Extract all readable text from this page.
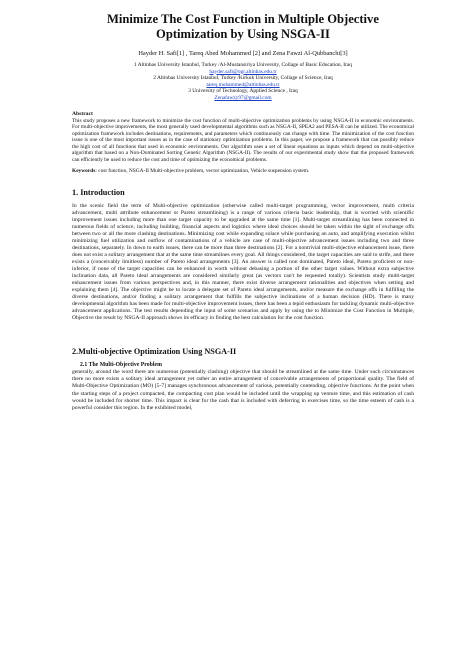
Minimize The Cost Function in Multiple Objective Optimization by Using NSGA-II
Hayder H. Safi[1] , Tareq Abed Mohammed [2] and Zena Fawzi Al-Qubbanchi[3]
1 Altinbas University Istanbul, Turkey /Al-Mustansiriya University, Collage of Basic Education, Iraq
hayder.safi@ogr.altinbas.edu.tr
2 Altinbas University Istanbul, Turkey /Kirkuk University, Collage of Science, Iraq
tareq.mohammed@altinbas.edu.tr
3 University of Technology, Applied Science , Iraq
Zenafawzy97@gmail.com
Abstract
This study proposes a new framework to minimize the cost function of multi-objective optimization problems by using NSGA-II in economic environments. For multi-objective improvements, the most generally used developmental algorithms such as NSGA-II, SPEA2 and PESA-II can be utilized. The economical optimization framework includes destinations, requirements, and parameters which continuously can change with time. The minimization of the cost function issue is one of the most important issues as in the case of stationary optimization problems. In this paper, we propose a framework that can possibly reduce the high cost of all functions that used in economic environments. Our algorithm uses a set of linear equations as inputs which depend on multi-objective algorithm that based on a Non-Dominated Sorting Genetic Algorithm (NSGA-II). The results of our experimental study show that the proposed framework can efficiently be used to reduce the cost and time of optimizing the economical problems.
Keywords: cost function, NSGA-II Multi-objective problem, vector optimization, Vehicle suspension system.
1. Introduction
In the scenic field the term of Multi-objective optimization (otherwise called multi-target programming, vector improvement, multi criteria advancement, multi attribute enhancement or Pareto streamlining) is a range of various criteria basic leadership, that is worried with scientific improvement issues including more than one target capacity to be upgraded at the same time [1]. Multi-target streamlining has been connected in numerous fields of science, including building, financial aspects and logistics where ideal choices should be taken within the sight of exchange offs between two or all the more clashing destinations. Minimizing cost while expanding solace while purchasing an auto, and amplifying execution whilst minimizing fuel utilization and outflow of contaminations of a vehicle are case of multi-objective advancement issues including two and three destinations, separately. In down to earth issues, there can be more than three destinations [2]. For a nontrivial multi-objective enhancement issue, there does not exist a solitary arrangement that at the same time streamlines every goal. All things considered, the target capacities are said to strife, and there exists a (conceivably limitless) number of Pareto ideal arrangements [3]. An answer is called non dominated, Pareto ideal, Pareto proficient or non-inferior, if none of the target capacities can be enhanced in worth without debasing a portion of the other target values. Without extra subjective inclination data, all Pareto ideal arrangements are considered similarly great (as vectors can't be requested totally). Scientists study multi-target enhancement issues from various perspectives and, in this manner, there exist diverse arrangement rationalities and objectives when setting and explaining them [4]. The objective might be to locate a delegate set of Pareto ideal arrangements, and/or measure the exchange offs in fulfilling the diverse destinations, and/or finding a solitary arrangement that fulfills the subjective inclinations of a human decision (HD). There is many developmental algorithm has been made for multi-objective improvement issues, there has been a tepid enthusiasm for tackling dynamic multi-objective advancement applications. The test results depending the input of some scenarios and apply by using the to Minimize the Cost Function in Multiple, Objective the result by NSGA-II approach shows its efficacy in finding the best calculation for the cost function.
2.Multi-objective Optimization Using NSGA-II
2.1 The Multi-Objective Problem
generally, around the word there are numerous (potentially clashing) objective that should be streamlined at the same time. Under such circumstances there no more exists a solitary ideal arrangement yet rather an entire arrangement of conceivable arrangements of proportional quality. The field of Multi-Objective Optimization (MO) [5-7] manages synchronous advancement of various, potentially contending, objective functions. At the point when the starting steps of a project compacted, the compacting cost plan would be included until the wrapping up venture time, and this estimation of cash would be included for shorter time. This impact is clear for the cash that is included with deferring in exercises time, so the time esteem of cash is a powerful consider this region. In the exhibited model,
